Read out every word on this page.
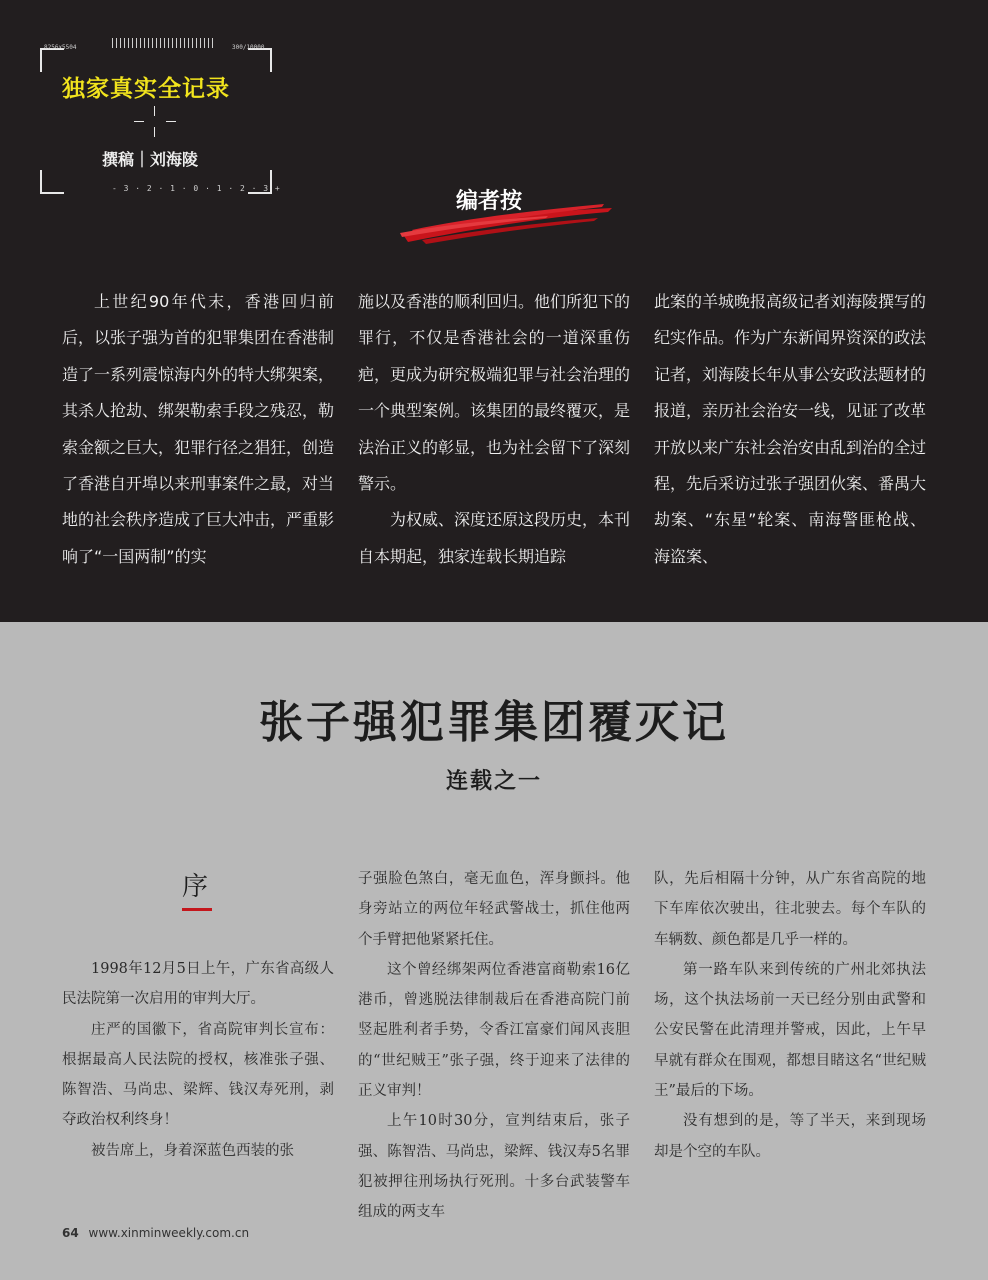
8256x5504	300/10000
独家真实全记录
撰稿｜刘海陵
- 3 · 2 · 1 · 0 · 1 · 2 · 3 +	编者按

上世纪90年代末，香港回归前后，以张子强为首的犯罪集团在香港制造了一系列震惊海内外的特大绑架案，其杀人抢劫、绑架勒索手段之残忍，勒索金额之巨大，犯罪行径之猖狂，创造了香港自开埠以来刑事案件之最，对当地的社会秩序造成了巨大冲击，严重影响了“一国两制”的实

施以及香港的顺利回归。他们所犯下的罪行，不仅是香港社会的一道深重伤疤，更成为研究极端犯罪与社会治理的一个典型案例。该集团的最终覆灭，是法治正义的彰显，也为社会留下了深刻警示。

为权威、深度还原这段历史，本刊自本期起，独家连载长期追踪

此案的羊城晚报高级记者刘海陵撰写的纪实作品。作为广东新闻界资深的政法记者，刘海陵长年从事公安政法题材的报道，亲历社会治安一线，见证了改革开放以来广东社会治安由乱到治的全过程，先后采访过张子强团伙案、番禺大劫案、“东星”轮案、南海警匪枪战、海盗案、

张子强犯罪集团覆灭记
连载之一
序

1998年12月5日上午，广东省高级人民法院第一次启用的审判大厅。

庄严的国徽下，省高院审判长宣布：根据最高人民法院的授权，核准张子强、陈智浩、马尚忠、梁辉、钱汉寿死刑，剥夺政治权利终身！

被告席上，身着深蓝色西装的张

子强脸色煞白，毫无血色，浑身颤抖。他身旁站立的两位年轻武警战士，抓住他两个手臂把他紧紧托住。

这个曾经绑架两位香港富商勒索16亿港币，曾逃脱法律制裁后在香港高院门前竖起胜利者手势，令香江富豪们闻风丧胆的“世纪贼王”张子强，终于迎来了法律的正义审判！

上午10时30分，宣判结束后，张子强、陈智浩、马尚忠，梁辉、钱汉寿5名罪犯被押往刑场执行死刑。十多台武装警车组成的两支车

队，先后相隔十分钟，从广东省高院的地下车库依次驶出，往北驶去。每个车队的车辆数、颜色都是几乎一样的。

第一路车队来到传统的广州北郊执法场，这个执法场前一天已经分别由武警和公安民警在此清理并警戒，因此，上午早早就有群众在围观，都想目睹这名“世纪贼王”最后的下场。

没有想到的是，等了半天，来到现场却是个空的车队。

64 www.xinminweekly.com.cn
